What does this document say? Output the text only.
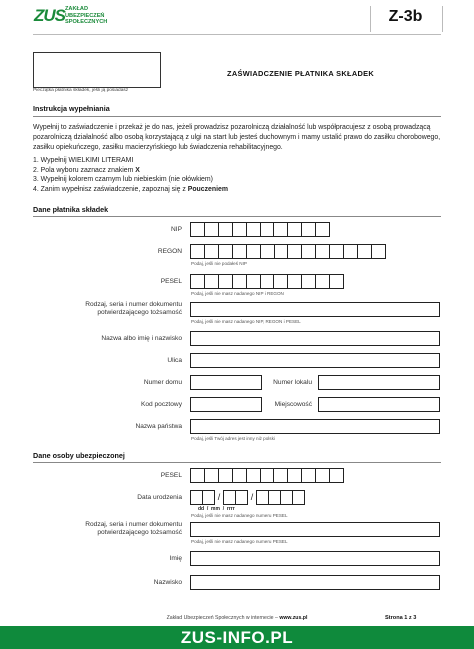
ZUS ZAKŁAD
UBEZPIECZEŃ
SPOŁECZNYCH	Z-3b
Pieczątka płatnika składek, jeśli ją posiadasz
ZAŚWIADCZENIE PŁATNIKA SKŁADEK
Instrukcja wypełniania
Wypełnij to zaświadczenie i przekaż je do nas, jeżeli prowadzisz pozarolniczą działalność lub współpracujesz z osobą prowadzącą pozarolniczą działalność albo osobą korzystającą z ulgi na start lub jesteś duchownym i mamy ustalić prawo do zasiłku chorobowego, zasiłku opiekuńczego, zasiłku macierzyńskiego lub świadczenia rehabilitacyjnego.
1. Wypełnij WIELKIMI LITERAMI
2. Pola wyboru zaznacz znakiem X
3. Wypełnij kolorem czarnym lub niebieskim (nie ołówkiem)
4. Zanim wypełnisz zaświadczenie, zapoznaj się z Pouczeniem
Dane płatnika składek
NIP
REGON
Podaj, jeśli nie podałeś NIP
PESEL
Podaj, jeśli nie masz nadanego NIP i REGON
Rodzaj, seria i numer dokumentu potwierdzającego tożsamość
Podaj, jeśli nie masz nadanego NIP, REGON i PESEL
Nazwa albo imię i nazwisko
Ulica
Numer domu	Numer lokalu
Kod pocztowy	Miejscowość
Nazwa państwa
Podaj, jeśli Twój adres jest inny niż polski
Dane osoby ubezpieczonej
PESEL
Data urodzenia	/	/
dd  /  mm  /  rrrr
Podaj, jeśli nie masz nadanego numeru PESEL
Rodzaj, seria i numer dokumentu potwierdzającego tożsamość
Podaj, jeśli nie masz nadanego numeru PESEL
Imię
Nazwisko
Zakład Ubezpieczeń Społecznych w internecie – www.zus.pl	Strona 1 z 3
ZUS-INFO.PL
